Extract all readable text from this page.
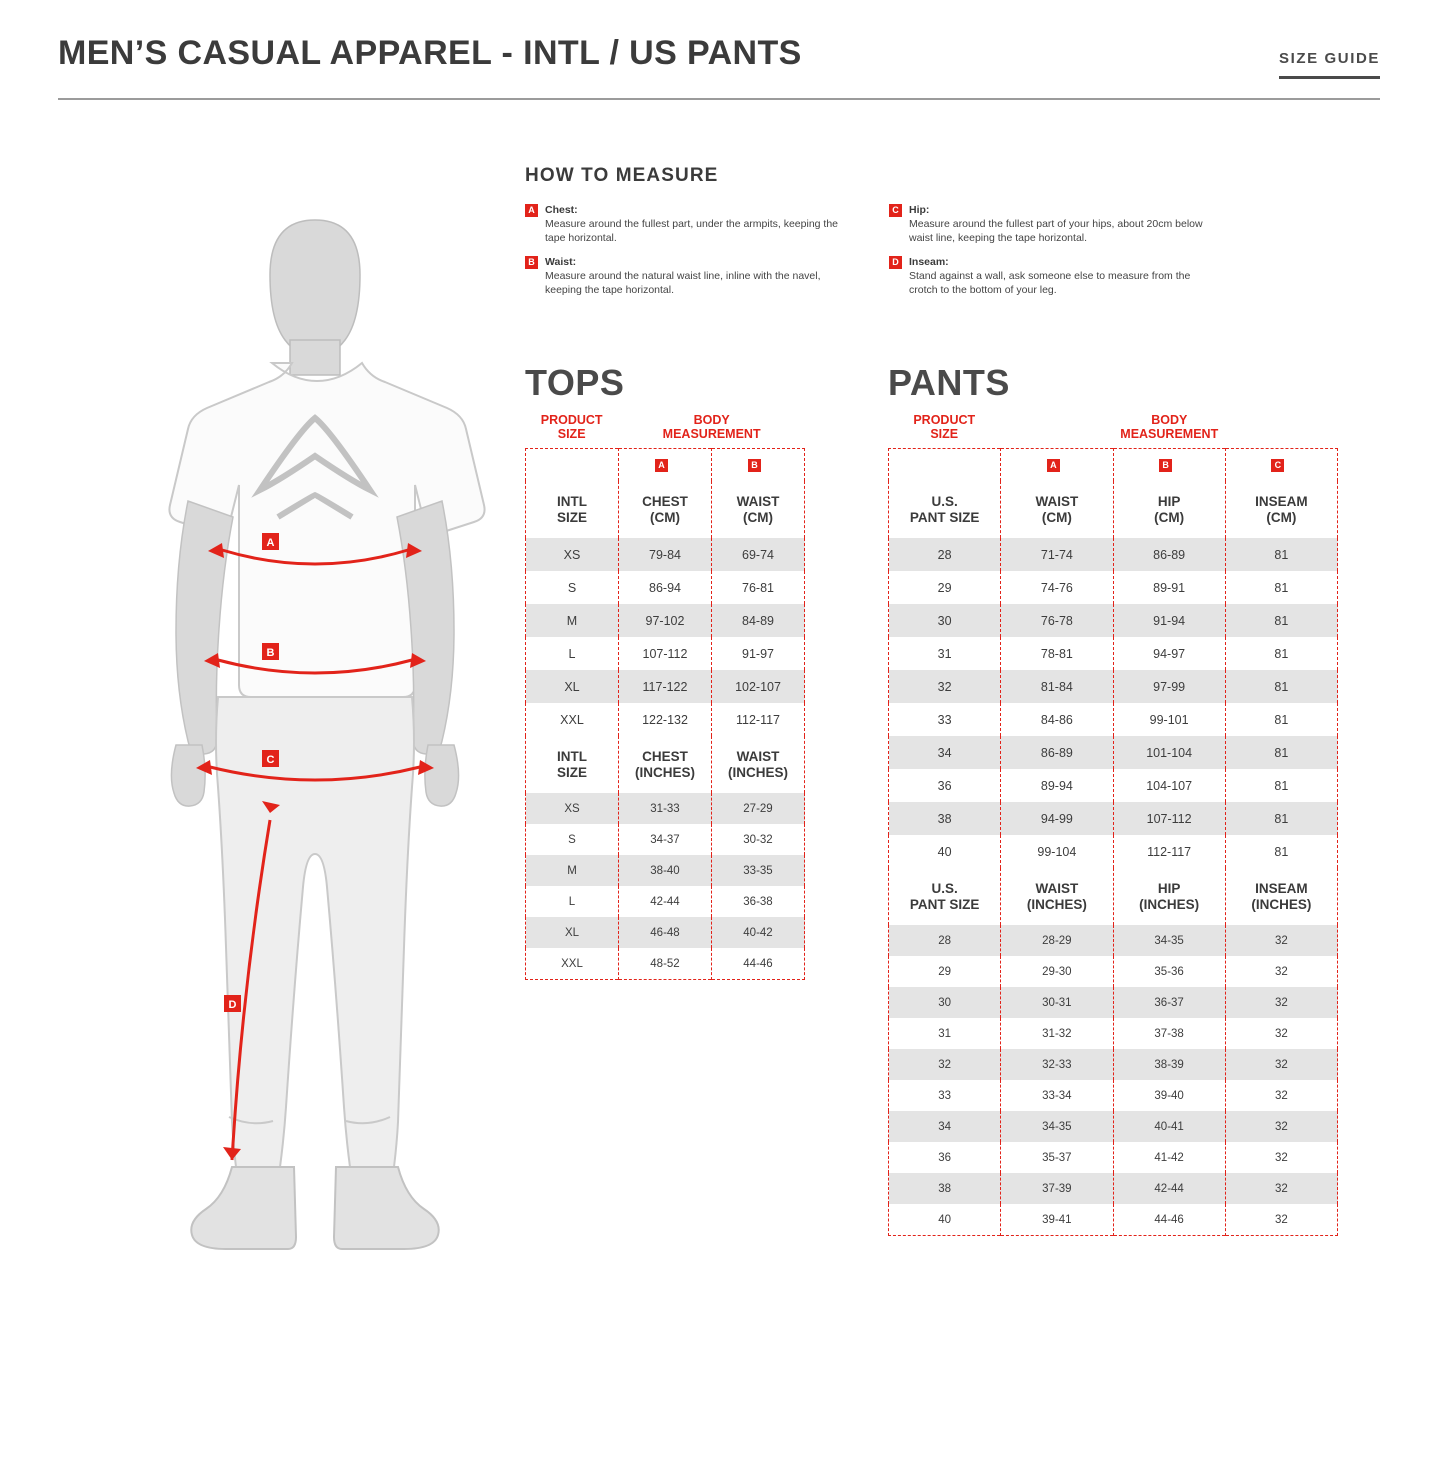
MEN’S CASUAL APPAREL - INTL / US PANTS	SIZE GUIDE
HOW TO MEASURE
A Chest:
Measure around the fullest part, under the armpits, keeping the tape horizontal.
B Waist:
Measure around the natural waist line, inline with the navel, keeping the tape horizontal.
C Hip:
Measure around the fullest part of your hips, about 20cm below waist line, keeping the tape horizontal.
D Inseam:
Stand against a wall, ask someone else to measure from the crotch to the bottom of your leg.
A
B
C
D
TOPS
PRODUCT
SIZE
BODY
MEASUREMENT
	A	B

INTL
SIZE

CHEST
(CM)

WAIST
(CM)

XS	79-84	69-74
S	86-94	76-81
M	97-102	84-89
L	107-112	91-97
XL	117-122	102-107
XXL	122-132	112-117

INTL
SIZE

CHEST
(INCHES)

WAIST
(INCHES)

XS	31-33	27-29
S	34-37	30-32
M	38-40	33-35
L	42-44	36-38
XL	46-48	40-42
XXL	48-52	44-46
PANTS
PRODUCT
SIZE
BODY
MEASUREMENT
	A	B	C

U.S.
PANT SIZE

WAIST
(CM)

HIP
(CM)

INSEAM
(CM)

28	71-74	86-89	81
29	74-76	89-91	81
30	76-78	91-94	81
31	78-81	94-97	81
32	81-84	97-99	81
33	84-86	99-101	81
34	86-89	101-104	81
36	89-94	104-107	81
38	94-99	107-112	81
40	99-104	112-117	81

U.S.
PANT SIZE

WAIST
(INCHES)

HIP
(INCHES)

INSEAM
(INCHES)

28	28-29	34-35	32
29	29-30	35-36	32
30	30-31	36-37	32
31	31-32	37-38	32
32	32-33	38-39	32
33	33-34	39-40	32
34	34-35	40-41	32
36	35-37	41-42	32
38	37-39	42-44	32
40	39-41	44-46	32
